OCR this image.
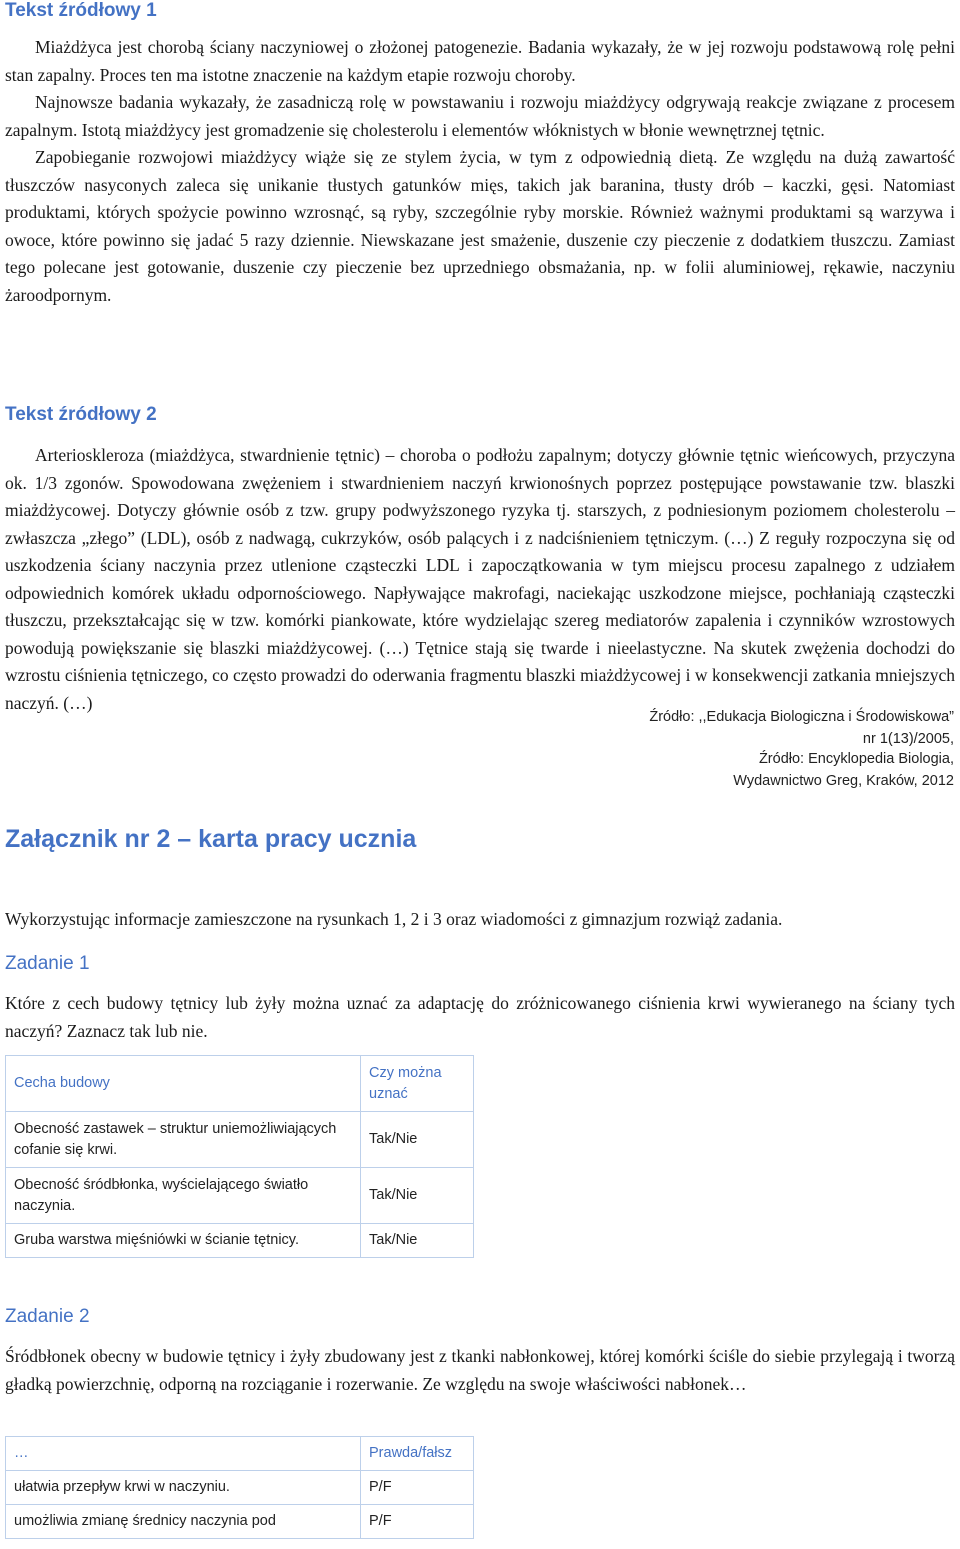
Tekst źródłowy 1

Miażdżyca jest chorobą ściany naczyniowej o złożonej patogenezie. Badania wykazały, że w jej rozwoju podstawową rolę pełni stan zapalny. Proces ten ma istotne znaczenie na każdym etapie rozwoju choroby.

Najnowsze badania wykazały, że zasadniczą rolę w powstawaniu i rozwoju miażdżycy odgrywają reakcje związane z procesem zapalnym. Istotą miażdżycy jest gromadzenie się cholesterolu i elementów włóknistych w błonie wewnętrznej tętnic.

Zapobieganie rozwojowi miażdżycy wiąże się ze stylem życia, w tym z odpowiednią dietą. Ze względu na dużą zawartość tłuszczów nasyconych zaleca się unikanie tłustych gatunków mięs, takich jak baranina, tłusty drób – kaczki, gęsi. Natomiast produktami, których spożycie powinno wzrosnąć, są ryby, szczególnie ryby morskie. Również ważnymi produktami są warzywa i owoce, które powinno się jadać 5 razy dziennie. Niewskazane jest smażenie, duszenie czy pieczenie z dodatkiem tłuszczu. Zamiast tego polecane jest gotowanie, duszenie czy pieczenie bez uprzedniego obsmażania, np. w folii aluminiowej, rękawie, naczyniu żaroodpornym.

Źródło: ,,Edukacja Biologiczna i Środowiskowa”
nr 1(13)/2005,
Tekst źródłowy 2

Arterioskleroza (miażdżyca, stwardnienie tętnic) – choroba o podłożu zapalnym; dotyczy głównie tętnic wieńcowych, przyczyna ok. 1/3 zgonów. Spowodowana zwężeniem i stwardnieniem naczyń krwionośnych poprzez postępujące powstawanie tzw. blaszki miażdżycowej. Dotyczy głównie osób z tzw. grupy podwyższonego ryzyka tj. starszych, z podniesionym poziomem cholesterolu – zwłaszcza „złego” (LDL), osób z nadwagą, cukrzyków, osób palących i z nadciśnieniem tętniczym. (…) Z reguły rozpoczyna się od uszkodzenia ściany naczynia przez utlenione cząsteczki LDL i zapoczątkowania w tym miejscu procesu zapalnego z udziałem odpowiednich komórek układu odpornościowego. Napływające makrofagi, naciekając uszkodzone miejsce, pochłaniają cząsteczki tłuszczu, przekształcając się w tzw. komórki piankowate, które wydzielając szereg mediatorów zapalenia i czynników wzrostowych powodują powiększanie się blaszki miażdżycowej. (…) Tętnice stają się twarde i nieelastyczne. Na skutek zwężenia dochodzi do wzrostu ciśnienia tętniczego, co często prowadzi do oderwania fragmentu blaszki miażdżycowej i w konsekwencji zatkania mniejszych naczyń. (…)

Źródło: Encyklopedia Biologia,
Wydawnictwo Greg, Kraków, 2012
Załącznik nr 2 – karta pracy ucznia

Wykorzystując informacje zamieszczone na rysunkach 1, 2 i 3 oraz wiadomości z gimnazjum rozwiąż zadania.

Zadanie 1

Które z cech budowy tętnicy lub żyły można uznać za adaptację do zróżnicowanego ciśnienia krwi wywieranego na ściany tych naczyń? Zaznacz tak lub nie.

Cecha budowy	Czy można uznać
Obecność zastawek – struktur uniemożliwiających cofanie się krwi.	Tak/Nie
Obecność śródbłonka, wyścielającego światło naczynia.	Tak/Nie
Gruba warstwa mięśniówki w ścianie tętnicy.	Tak/Nie
Zadanie 2

Śródbłonek obecny w budowie tętnicy i żyły zbudowany jest z tkanki nabłonkowej, której komórki ściśle do siebie przylegają i tworzą gładką powierzchnię, odporną na rozciąganie i rozerwanie. Ze względu na swoje właściwości nabłonek…

…	Prawda/fałsz
ułatwia przepływ krwi w naczyniu.	P/F
umożliwia zmianę średnicy naczynia pod	P/F
